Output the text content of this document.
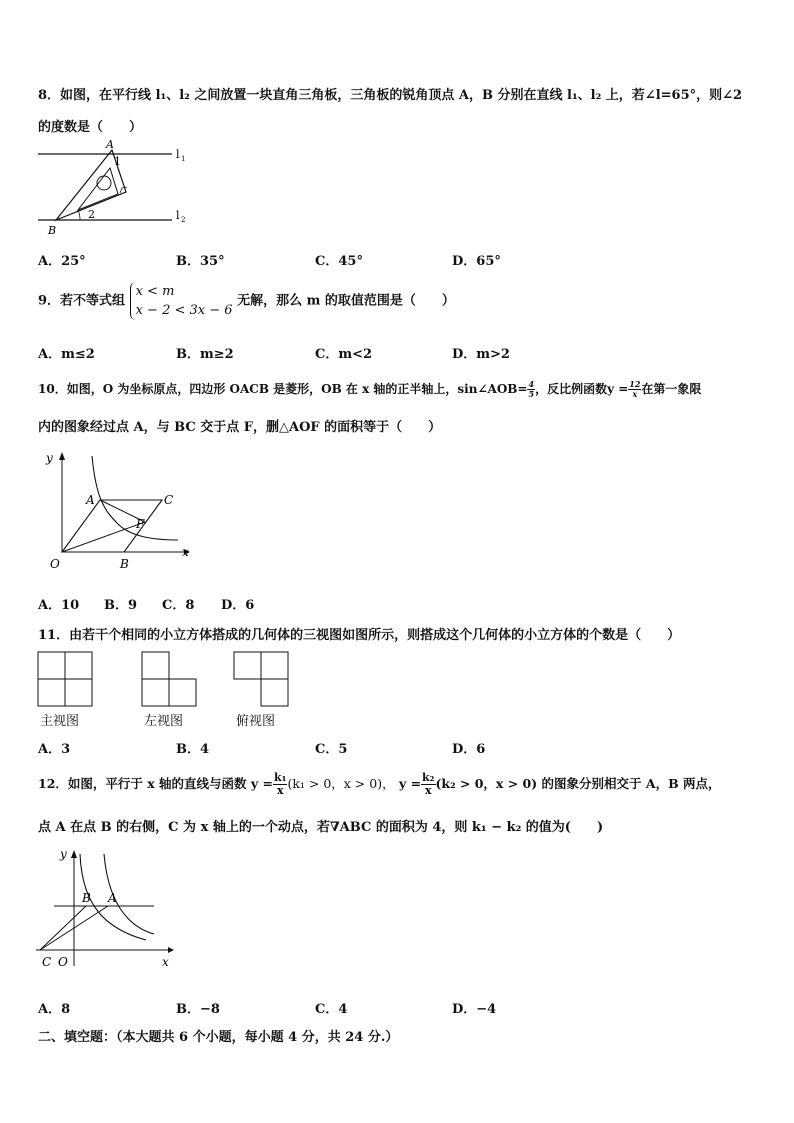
8．如图，在平行线 l₁、l₂ 之间放置一块直角三角板，三角板的锐角顶点 A，B 分别在直线 l₁、l₂ 上，若∠l=65°，则∠2
的度数是（　　）
A
1
2
B
l 1
l 2
A．25°	B．35°	C．45°	D．65°
9．若不等式组
x < m
x − 2 < 3x − 6
无解，那么 m 的取值范围是（　　）
A．m≤2	B．m≥2	C．m<2	D．m>2
10．如图，O 为坐标原点，四边形 OACB 是菱形，OB 在 x 轴的正半轴上，sin∠AOB= $\frac{4}{5}$ ，反比例函数$y = \frac{12}{x}$ 在第一象限
内的图象经过点 A，与 BC 交于点 F，删△AOF 的面积等于（　　）
y
x
O
A	C
F
B
A．10 B．9 C．8 D．6
11．由若干个相同的小立方体搭成的几何体的三视图如图所示，则搭成这个几何体的小立方体的个数是（　　）
主视图	左视图	俯视图
A．3	B．4	C．5	D．6
12．如图，平行于 x 轴的直线与函数 $y = \frac{\text{k₁}}{x} (k_1 > 0$，x > 0)， $y = \frac{\text{k₂}}{x} (k_2 > 0$，x > 0) 的图象分别相交于 A，B 两点，
点 A 在点 B 的右侧，C 为 x 轴上的一个动点，若∇ABC 的面积为 4，则 k₁ − k₂ 的值为(　　)
y
x
C O
B A
A．8	B．−8	C．4	D．−4
二、填空题：（本大题共 6 个小题，每小题 4 分，共 24 分.）
